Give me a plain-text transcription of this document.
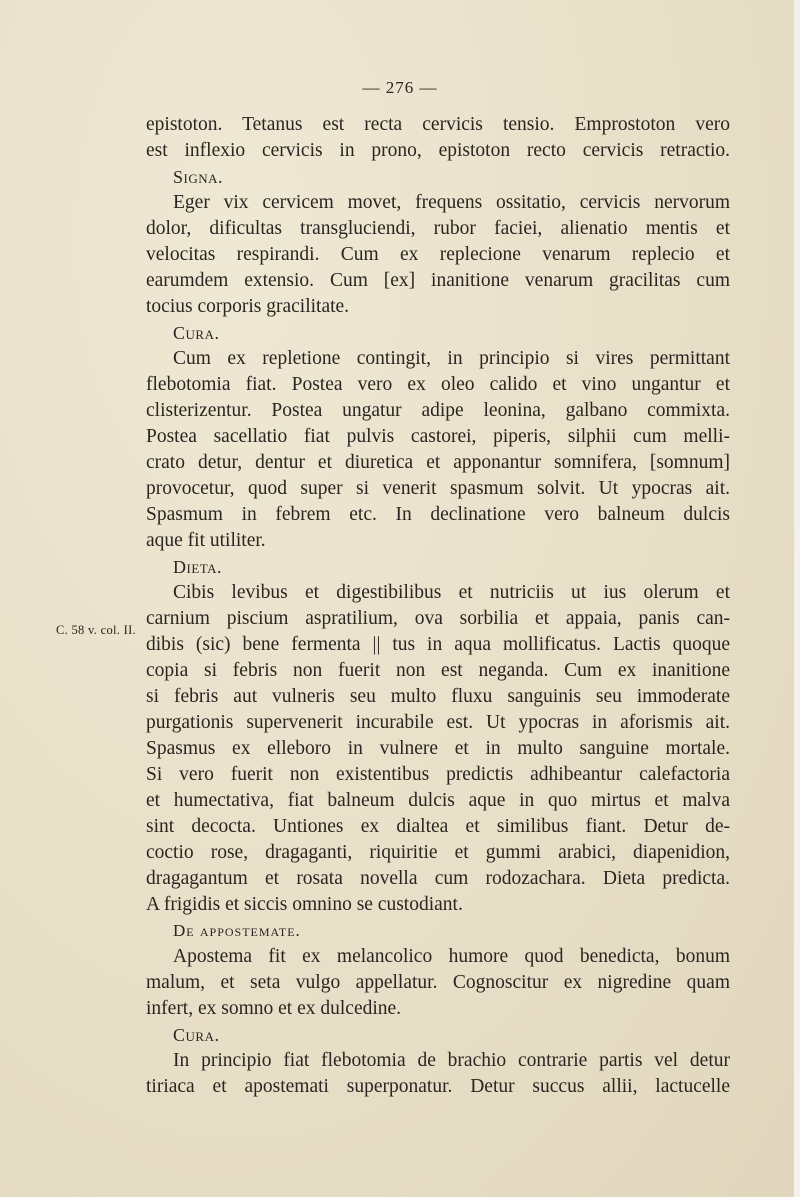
— 276 —
C. 58 v. col. II.
epistoton. Tetanus est recta cervicis tensio. Emprostoton vero
est inflexio cervicis in prono, epistoton recto cervicis retractio.
Signa.
Eger vix cervicem movet, frequens ossitatio, cervicis nervorum
dolor, dificultas transgluciendi, rubor faciei, alienatio mentis et
velocitas respirandi. Cum ex replecione venarum replecio et
earumdem extensio. Cum [ex] inanitione venarum gracilitas cum
tocius corporis gracilitate.
Cura.
Cum ex repletione contingit, in principio si vires permittant
flebotomia fiat. Postea vero ex oleo calido et vino ungantur et
clisterizentur. Postea ungatur adipe leonina, galbano commixta.
Postea sacellatio fiat pulvis castorei, piperis, silphii cum melli-
crato detur, dentur et diuretica et apponantur somnifera, [somnum]
provocetur, quod super si venerit spasmum solvit. Ut ypocras ait.
Spasmum in febrem etc. In declinatione vero balneum dulcis
aque fit utiliter.
Dieta.
Cibis levibus et digestibilibus et nutriciis ut ius olerum et
carnium piscium aspratilium, ova sorbilia et appaia, panis can-
dibis (sic) bene fermenta || tus in aqua mollificatus. Lactis quoque
copia si febris non fuerit non est neganda. Cum ex inanitione
si febris aut vulneris seu multo fluxu sanguinis seu immoderate
purgationis supervenerit incurabile est. Ut ypocras in aforismis ait.
Spasmus ex elleboro in vulnere et in multo sanguine mortale.
Si vero fuerit non existentibus predictis adhibeantur calefactoria
et humectativa, fiat balneum dulcis aque in quo mirtus et malva
sint decocta. Untiones ex dialtea et similibus fiant. Detur de-
coctio rose, dragaganti, riquiritie et gummi arabici, diapenidion,
dragagantum et rosata novella cum rodozachara. Dieta predicta.
A frigidis et siccis omnino se custodiant.
De appostemate.
Apostema fit ex melancolico humore quod benedicta, bonum
malum, et seta vulgo appellatur. Cognoscitur ex nigredine quam
infert, ex somno et ex dulcedine.
Cura.
In principio fiat flebotomia de brachio contrarie partis vel detur
tiriaca et apostemati superponatur. Detur succus allii, lactucelle
